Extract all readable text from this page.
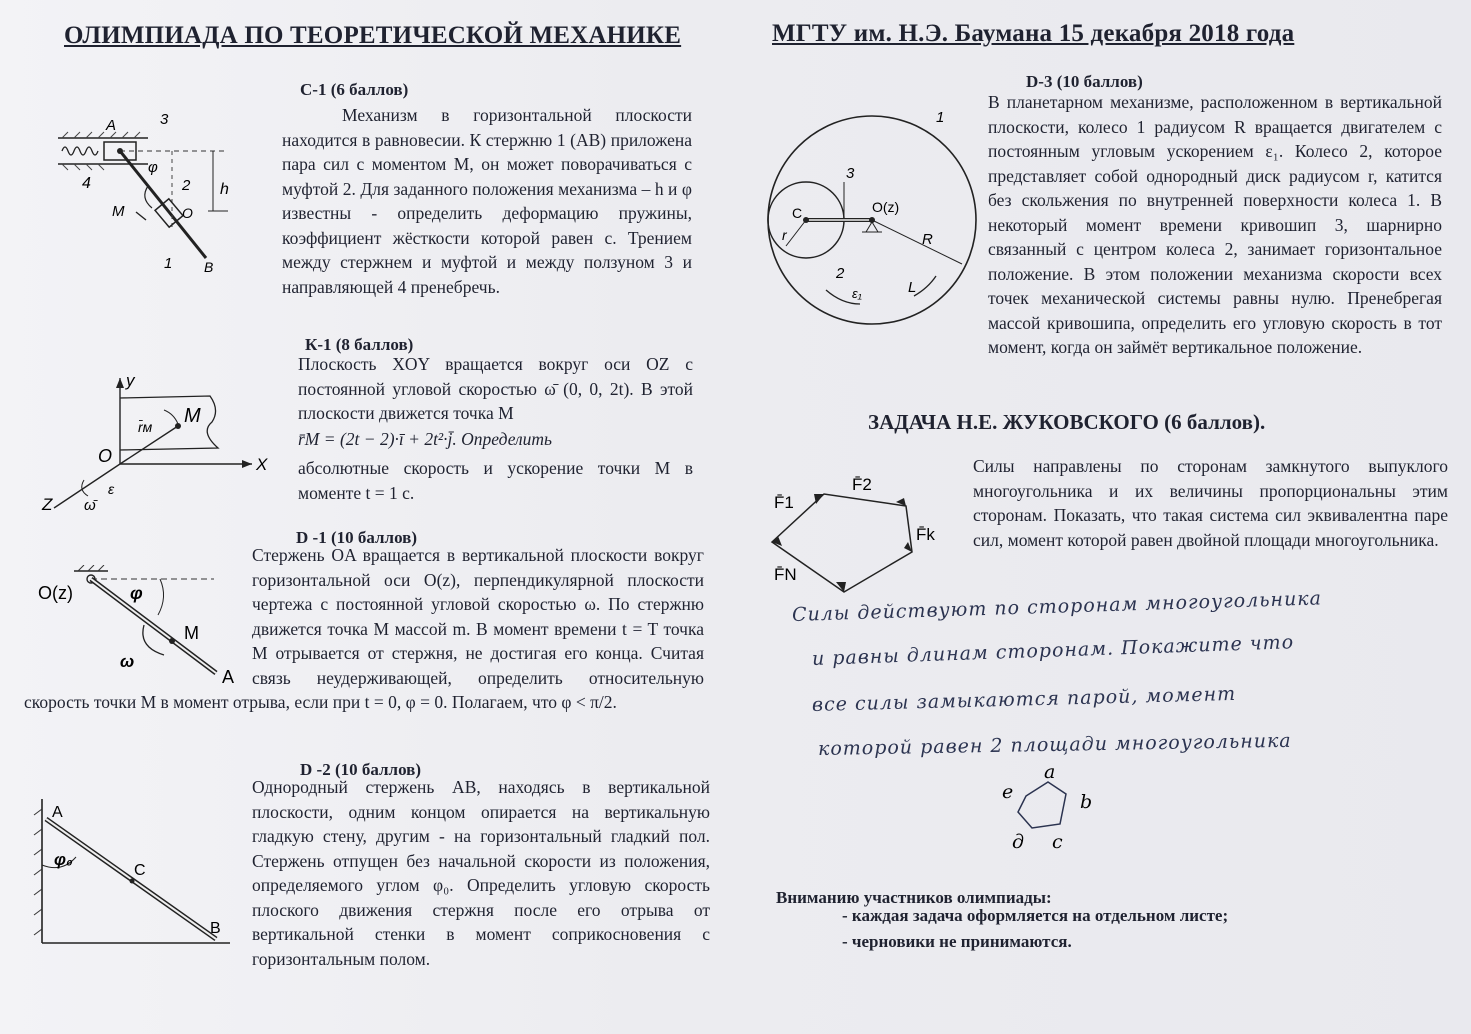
ОЛИМПИАДА ПО ТЕОРЕТИЧЕСКОЙ МЕХАНИКЕ	МГТУ им. Н.Э. Баумана 15 декабря 2018 года
С-1 (6 баллов)
Механизм в горизонтальной плоскости находится в равновесии. К стержню 1 (AB) приложена пара сил с моментом M, он может поворачиваться с муфтой 2. Для заданного положения механизма – h и φ известны - определить деформацию пружины, коэффициент жёсткости которой равен c. Трением между стержнем и муфтой и между ползуном 3 и направляющей 4 пренебречь.
A	3
φ
4	2 h
M	O
1 B
К-1 (8 баллов)
Плоскость XOY вращается вокруг оси OZ с постоянной угловой скоростью ω̄ (0, 0, 2t). В этой плоскости движется точка M
r̄M = (2t − 2)·ī + 2t²·j̄. Определить
абсолютные скорость и ускорение точки M в моменте t = 1 c.
y
M
r̄м
O	X
Z
ε
ω̄
D -1 (10 баллов)
Стержень OA вращается в вертикальной плоскости вокруг горизонтальной оси O(z), перпендикулярной плоскости чертежа с постоянной угловой скоростью ω. По стержню движется точка M массой m. В момент времени t = T точка M отрывается от стержня, не достигая его конца. Считая связь неудерживающей, определить относительную скорость точки M в момент отрыва, если при t = 0, φ = 0. Полагаем, что φ < π/2.
O(z)	φ
M
ω
A
D -2 (10 баллов)
Однородный стержень AB, находясь в вертикальной плоскости, одним концом опирается на вертикальную гладкую стену, другим - на горизонтальный гладкий пол. Стержень отпущен без начальной скорости из положения, определяемого углом φ₀. Определить угловую скорость плоского движения стержня после его отрыва от вертикальной стенки в момент соприкосновения с горизонтальным полом.
A
φ₀
C
B
D-3 (10 баллов)
В планетарном механизме, расположенном в вертикальной плоскости, колесо 1 радиусом R вращается двигателем с постоянным угловым ускорением ε₁. Колесо 2, которое представляет собой однородный диск радиусом r, катится без скольжения по внутренней поверхности колеса 1. В некоторый момент времени кривошип 3, шарнирно связанный с центром колеса 2, занимает горизонтальное положение. В этом положении механизма скорости всех точек механической системы равны нулю. Пренебрегая массой кривошипа, определить его угловую скорость в тот момент, когда он займёт вертикальное положение.
1
3
C	O(z)
r	R
2
ε₁	L
ЗАДАЧА Н.Е. ЖУКОВСКОГО (6 баллов).
Силы направлены по сторонам замкнутого выпуклого многоугольника и их величины пропорциональны этим сторонам. Показать, что такая система сил эквивалентна паре сил, момент которой равен двойной площади многоугольника.
F̄1
F̄2
F̄k
F̄N
Силы действуют по сторонам многоугольника
и равны длинам сторонам. Покажите что
все силы замыкаются парой, момент
которой равен 2 площади многоугольника
a
b
е
д c
Вниманию участников олимпиады:
- каждая задача оформляется на отдельном листе;
- черновики не принимаются.
